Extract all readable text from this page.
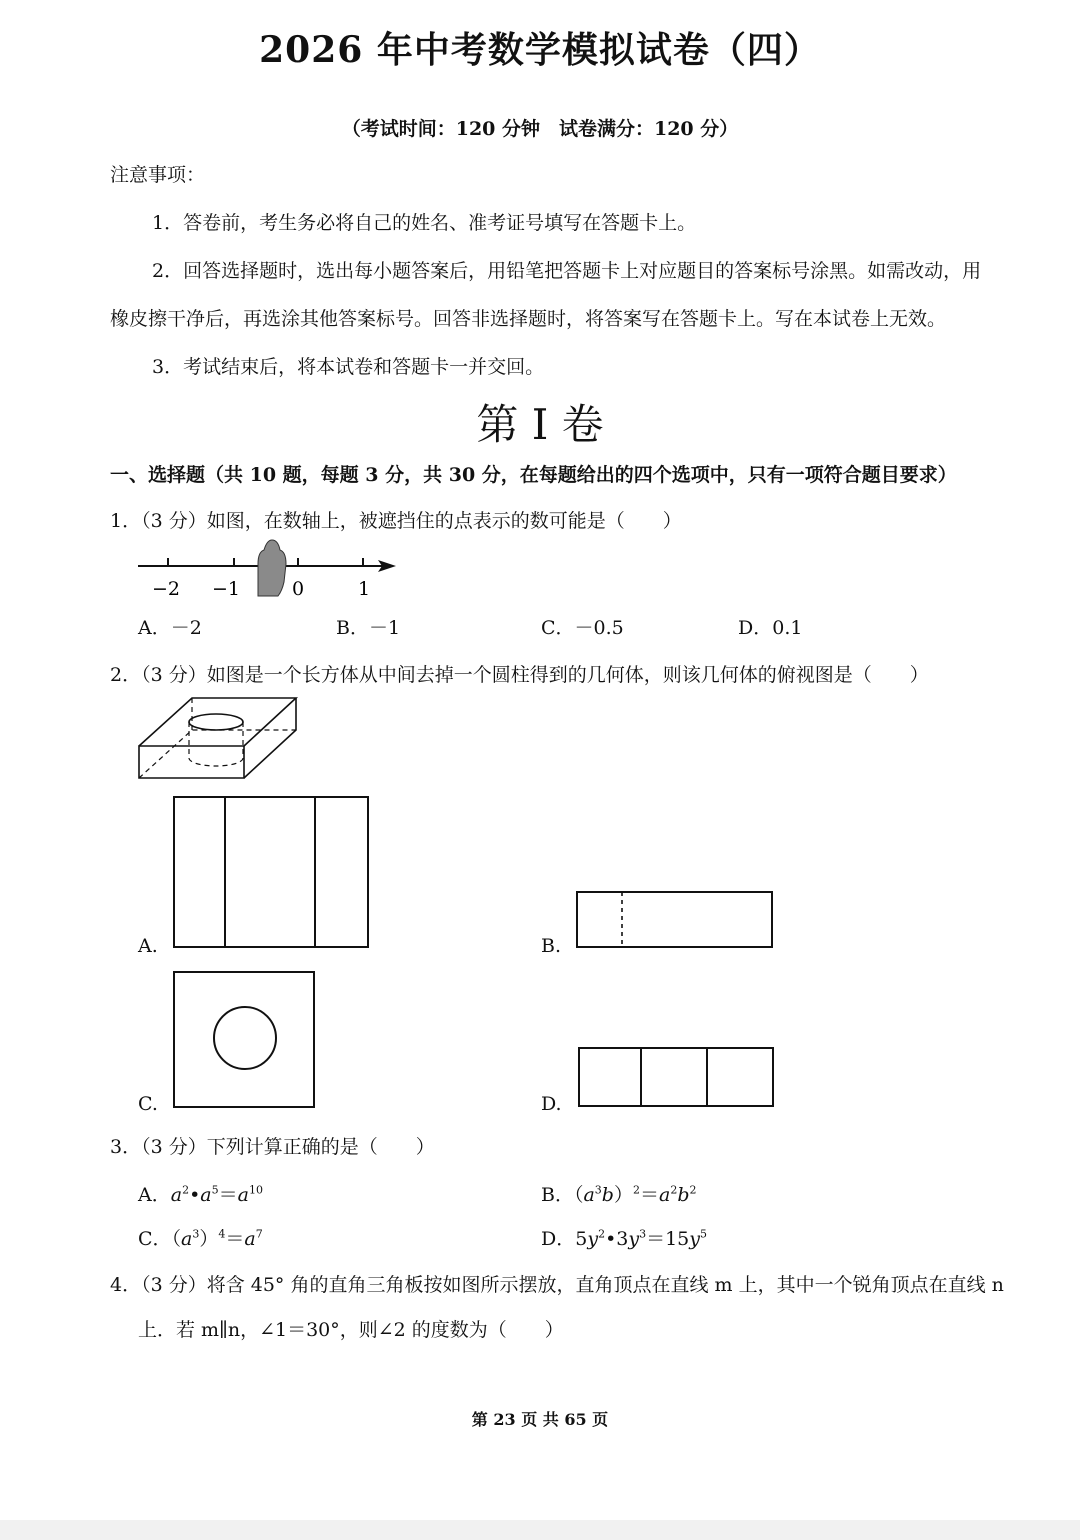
2026 年中考数学模拟试卷（四）
（考试时间：120 分钟　试卷满分：120 分）
注意事项：
1．答卷前，考生务必将自己的姓名、准考证号填写在答题卡上。
2．回答选择题时，选出每小题答案后，用铅笔把答题卡上对应题目的答案标号涂黑。如需改动，用
橡皮擦干净后，再选涂其他答案标号。回答非选择题时，将答案写在答题卡上。写在本试卷上无效。
3．考试结束后，将本试卷和答题卡一并交回。
第 I 卷
一、选择题（共 10 题，每题 3 分，共 30 分，在每题给出的四个选项中，只有一项符合题目要求）
1．（3 分）如图，在数轴上，被遮挡住的点表示的数可能是（　　）
−2 −1	0	1
A．－2	B．－1	C．－0.5	D．0.1
2．（3 分）如图是一个长方体从中间去掉一个圆柱得到的几何体，则该几何体的俯视图是（　　）
A.	B.
C.	D.
3．（3 分）下列计算正确的是（　　）
A．$a^2•a^5=a^{10}$	B．$(a^3b)^2=a^2b^2$
C．$(a^3)^4=a^7$	D．$5y^2•3y^3=15y^5$
4．（3 分）将含 45° 角的直角三角板按如图所示摆放，直角顶点在直线 m 上，其中一个锐角顶点在直线 n
上．若 m∥n，∠1＝30°，则∠2 的度数为（　　）
第 23 页 共 65 页
